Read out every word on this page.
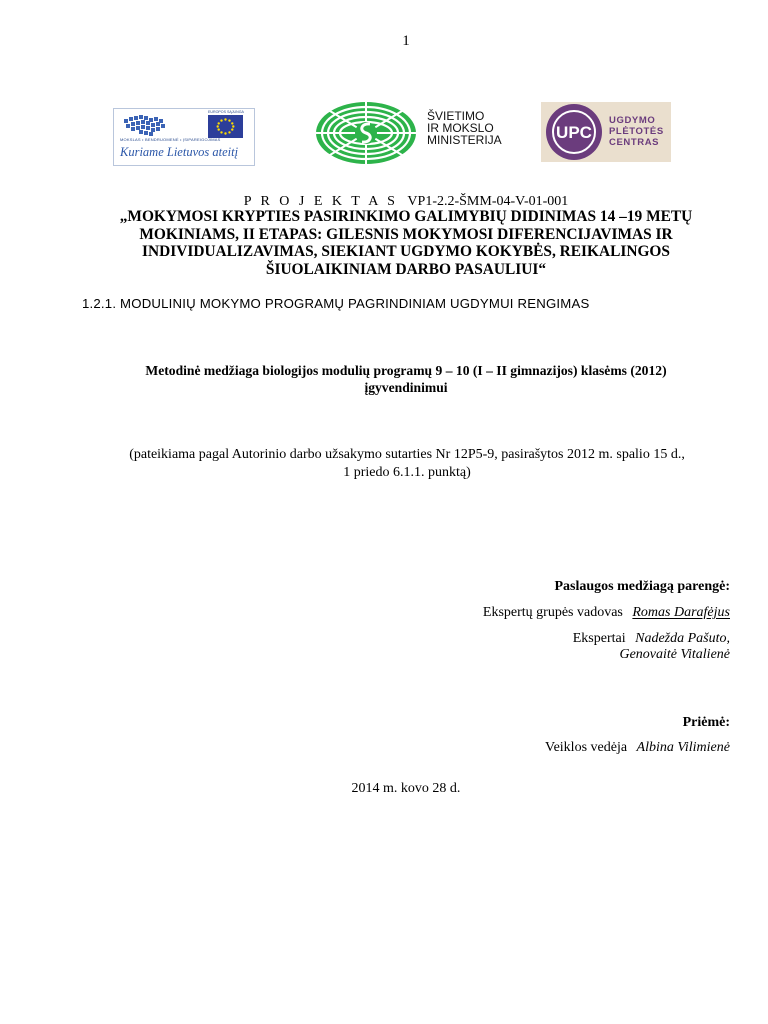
1
EUROPOS SĄJUNGA
MOKSLAS • BENDRUOMENĖ • ĮSIPAREIGOJIMAS
Kuriame Lietuvos ateitį
ŠVIETIMO
IR MOKSLO
MINISTERIJA	UPC
UGDYMO
PLĖTOTĖS
CENTRAS
P R O J E K T A S VP1-2.2-ŠMM-04-V-01-001
„MOKYMOSI KRYPTIES PASIRINKIMO GALIMYBIŲ DIDINIMAS 14 –19 METŲ
MOKINIAMS, II ETAPAS: GILESNIS MOKYMOSI DIFERENCIJAVIMAS IR
INDIVIDUALIZAVIMAS, SIEKIANT UGDYMO KOKYBĖS, REIKALINGOS
ŠIUOLAIKINIAM DARBO PASAULIUI“
1.2.1. MODULINIŲ MOKYMO PROGRAMŲ PAGRINDINIAM UGDYMUI RENGIMAS
Metodinė medžiaga biologijos modulių programų 9 – 10 (I – II gimnazijos) klasėms (2012)
įgyvendinimui
(pateikiama pagal Autorinio darbo užsakymo sutarties Nr 12P5-9, pasirašytos 2012 m. spalio 15 d.,
1 priedo 6.1.1. punktą)
Paslaugos medžiagą parengė:
Ekspertų grupės vadovas Romas Darafėjus
Ekspertai Nadežda Pašuto,
Genovaitė Vitalienė
Priėmė:
Veiklos vedėja Albina Vilimienė
2014 m. kovo 28 d.
